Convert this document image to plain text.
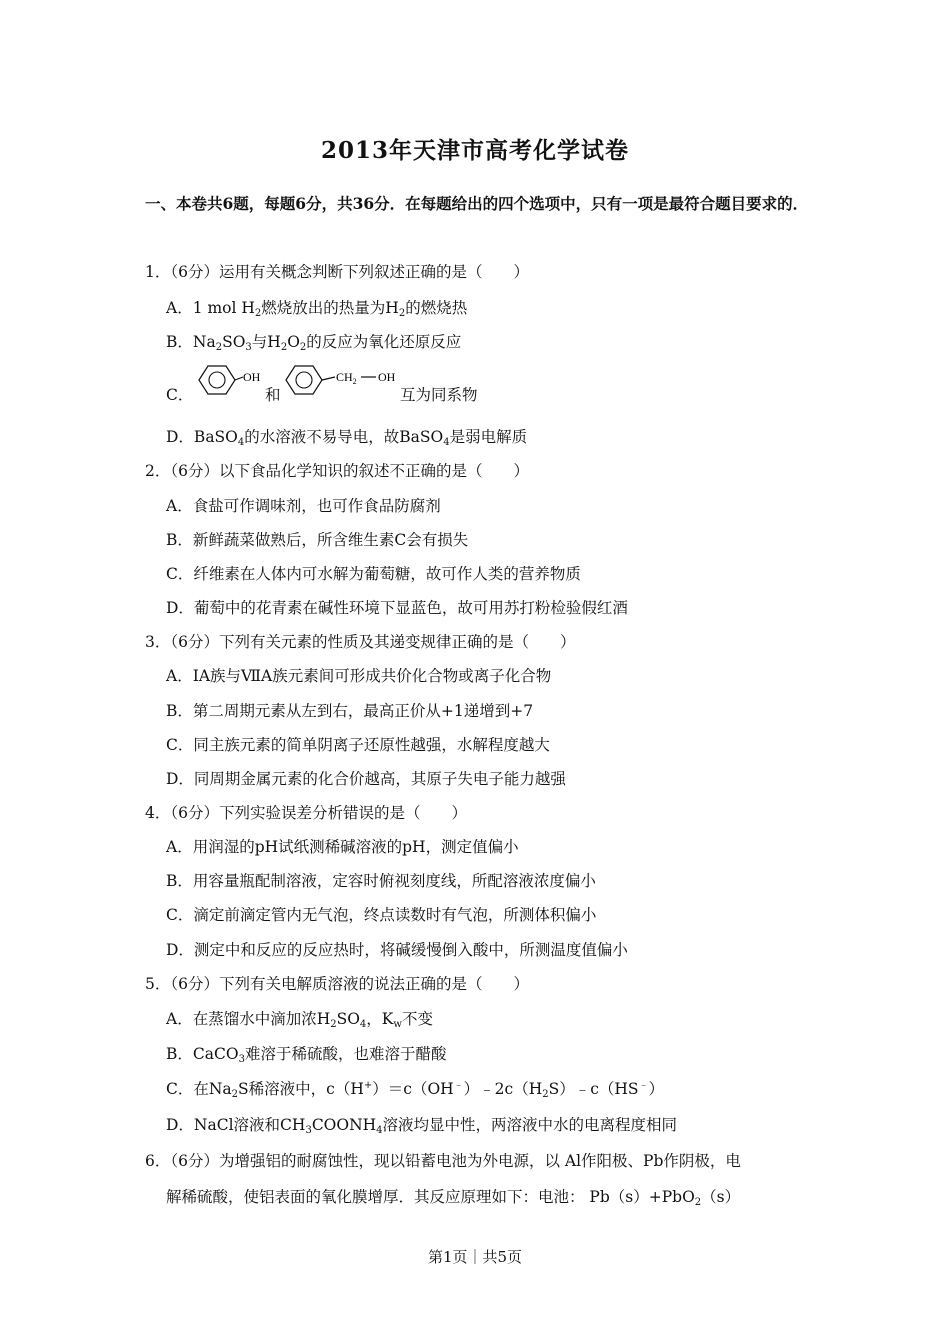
2013年天津市高考化学试卷
一、本卷共6题，每题6分，共36分．在每题给出的四个选项中，只有一项是最符合题目要求的．
1．（6分）运用有关概念判断下列叙述正确的是（　　）
A．1 mol $H_2$燃烧放出的热量为$H_2$的燃烧热
B．$Na_2SO_3$与$H_2O_2$的反应为氧化还原反应
C．
OH
和
$CH_2$ OH
互为同系物
D．BaSO$_4$的水溶液不易导电，故BaSO$_4$是弱电解质
2．（6分）以下食品化学知识的叙述不正确的是（　　）
A．食盐可作调味剂，也可作食品防腐剂
B．新鲜蔬菜做熟后，所含维生素C会有损失
C．纤维素在人体内可水解为葡萄糖，故可作人类的营养物质
D．葡萄中的花青素在碱性环境下显蓝色，故可用苏打粉检验假红酒
3．（6分）下列有关元素的性质及其递变规律正确的是（　　）
A．ⅠA族与ⅦA族元素间可形成共价化合物或离子化合物
B．第二周期元素从左到右，最高正价从+1递增到+7
C．同主族元素的简单阴离子还原性越强，水解程度越大
D．同周期金属元素的化合价越高，其原子失电子能力越强
4．（6分）下列实验误差分析错误的是（　　）
A．用润湿的pH试纸测稀碱溶液的pH，测定值偏小
B．用容量瓶配制溶液，定容时俯视刻度线，所配溶液浓度偏小
C．滴定前滴定管内无气泡，终点读数时有气泡，所测体积偏小
D．测定中和反应的反应热时，将碱缓慢倒入酸中，所测温度值偏小
5．（6分）下列有关电解质溶液的说法正确的是（　　）
A．在蒸馏水中滴加浓$H_2SO_4$，$K_w$不变
B．CaCO$_3$难溶于稀硫酸，也难溶于醋酸
C．在$Na_2S$稀溶液中，$c(H^+)=c(OH^﹣)﹣2c(H_2S)﹣c(HS^﹣)$
D．NaCl溶液和$CH_3COONH_4$溶液均显中性，两溶液中水的电离程度相同
6．（6分）为增强铝的耐腐蚀性，现以铅蓄电池为外电源，以 Al作阳极、Pb作阴极，电
解稀硫酸，使铝表面的氧化膜增厚．其反应原理如下：电池： Pb（s）+PbO$_2$（s）
第1页｜共5页
